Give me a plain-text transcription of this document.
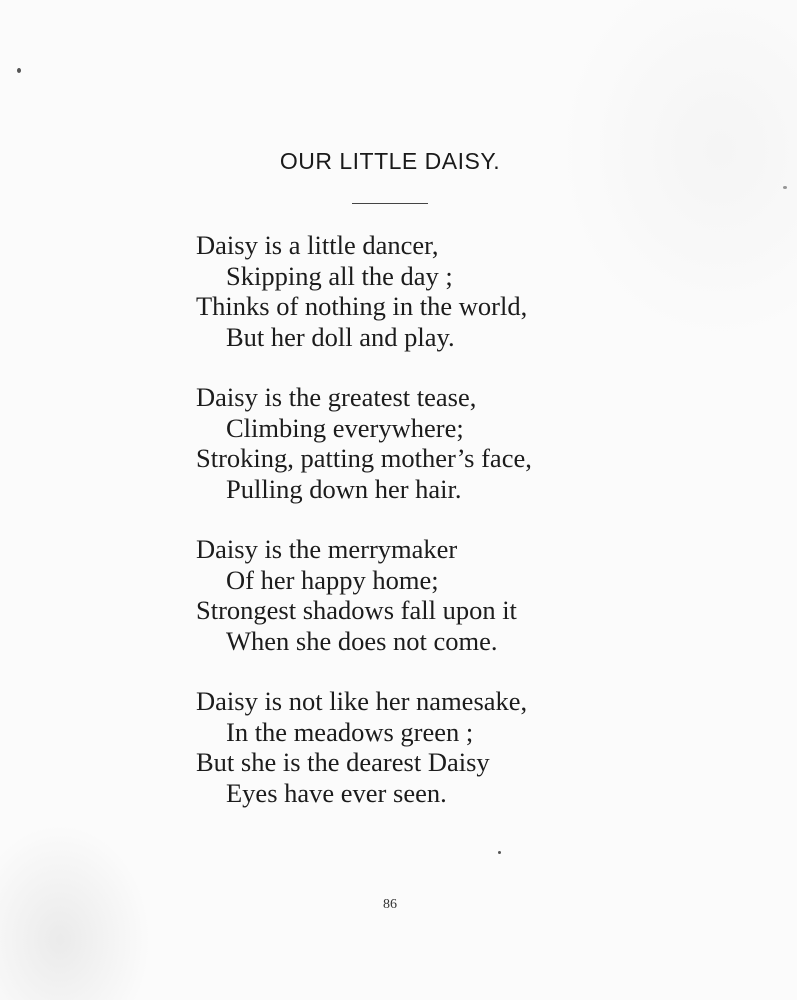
OUR LITTLE DAISY.
Daisy is a little dancer,
Skipping all the day ;
Thinks of nothing in the world,
But her doll and play.
Daisy is the greatest tease,
Climbing everywhere;
Stroking, patting mother’s face,
Pulling down her hair.
Daisy is the merrymaker
Of her happy home;
Strongest shadows fall upon it
When she does not come.
Daisy is not like her namesake,
In the meadows green ;
But she is the dearest Daisy
Eyes have ever seen.
86
